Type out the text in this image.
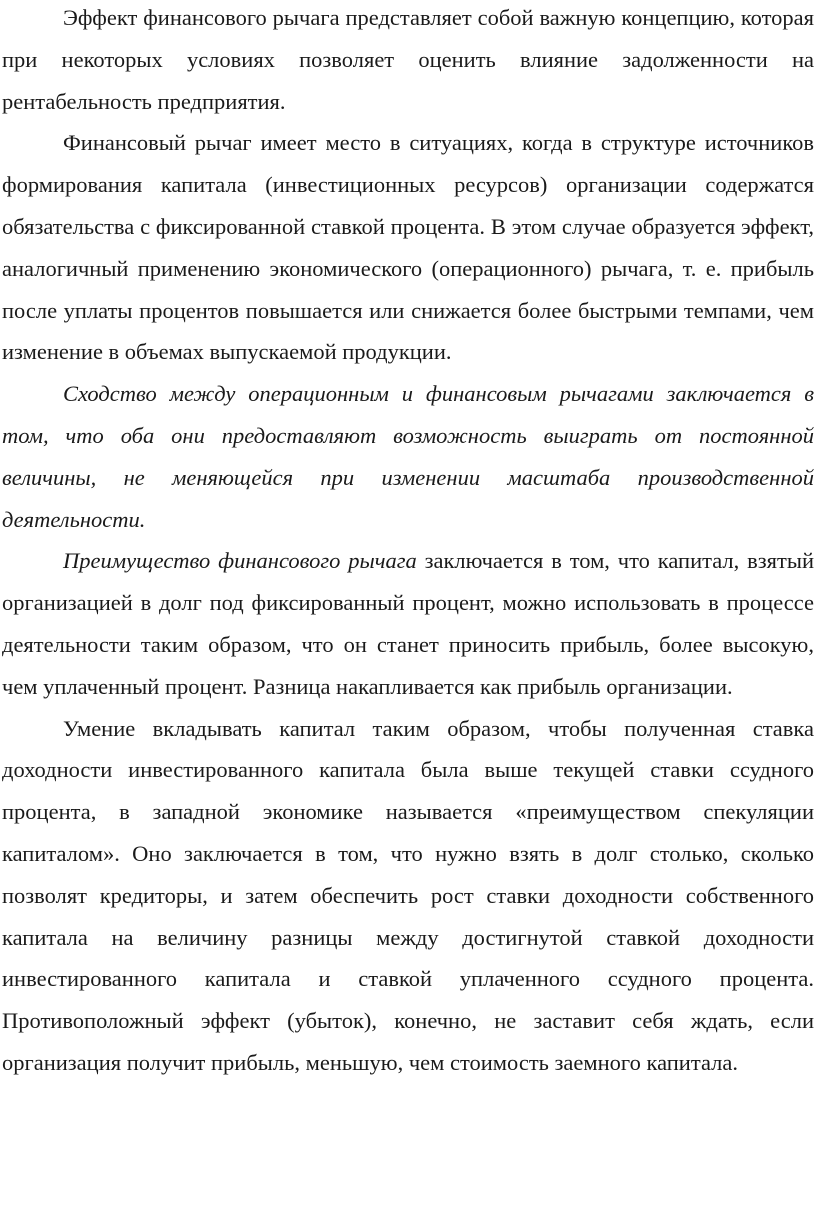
Эффект финансового рычага представляет собой важную концепцию, которая при некоторых условиях позволяет оценить влияние задолженности на рентабельность предприятия.

Финансовый рычаг имеет место в ситуациях, когда в структуре источников формирования капитала (инвестиционных ресурсов) организации содержатся обязательства с фиксированной ставкой процента. В этом случае образуется эффект, аналогичный применению экономического (операционного) рычага, т. е. прибыль после уплаты процентов повышается или снижается более быстрыми темпами, чем изменение в объемах выпускаемой продукции.

Сходство между операционным и финансовым рычагами заключается в том, что оба они предоставляют возможность выиграть от постоянной величины, не меняющейся при изменении масштаба производственной деятельности.

Преимущество финансового рычага заключается в том, что капитал, взятый организацией в долг под фиксированный процент, можно использовать в процессе деятельности таким образом, что он станет приносить прибыль, более высокую, чем уплаченный процент. Разница накапливается как прибыль организации.

Умение вкладывать капитал таким образом, чтобы полученная ставка доходности инвестированного капитала была выше текущей ставки ссудного процента, в западной экономике называется «преимуществом спекуляции капиталом». Оно заключается в том, что нужно взять в долг столько, сколько позволят кредиторы, и затем обеспечить рост ставки доходности собственного капитала на величину разницы между достигнутой ставкой доходности инвестированного капитала и ставкой уплаченного ссудного процента. Противоположный эффект (убыток), конечно, не заставит себя ждать, если организация получит прибыль, меньшую, чем стоимость заемного капитала.
